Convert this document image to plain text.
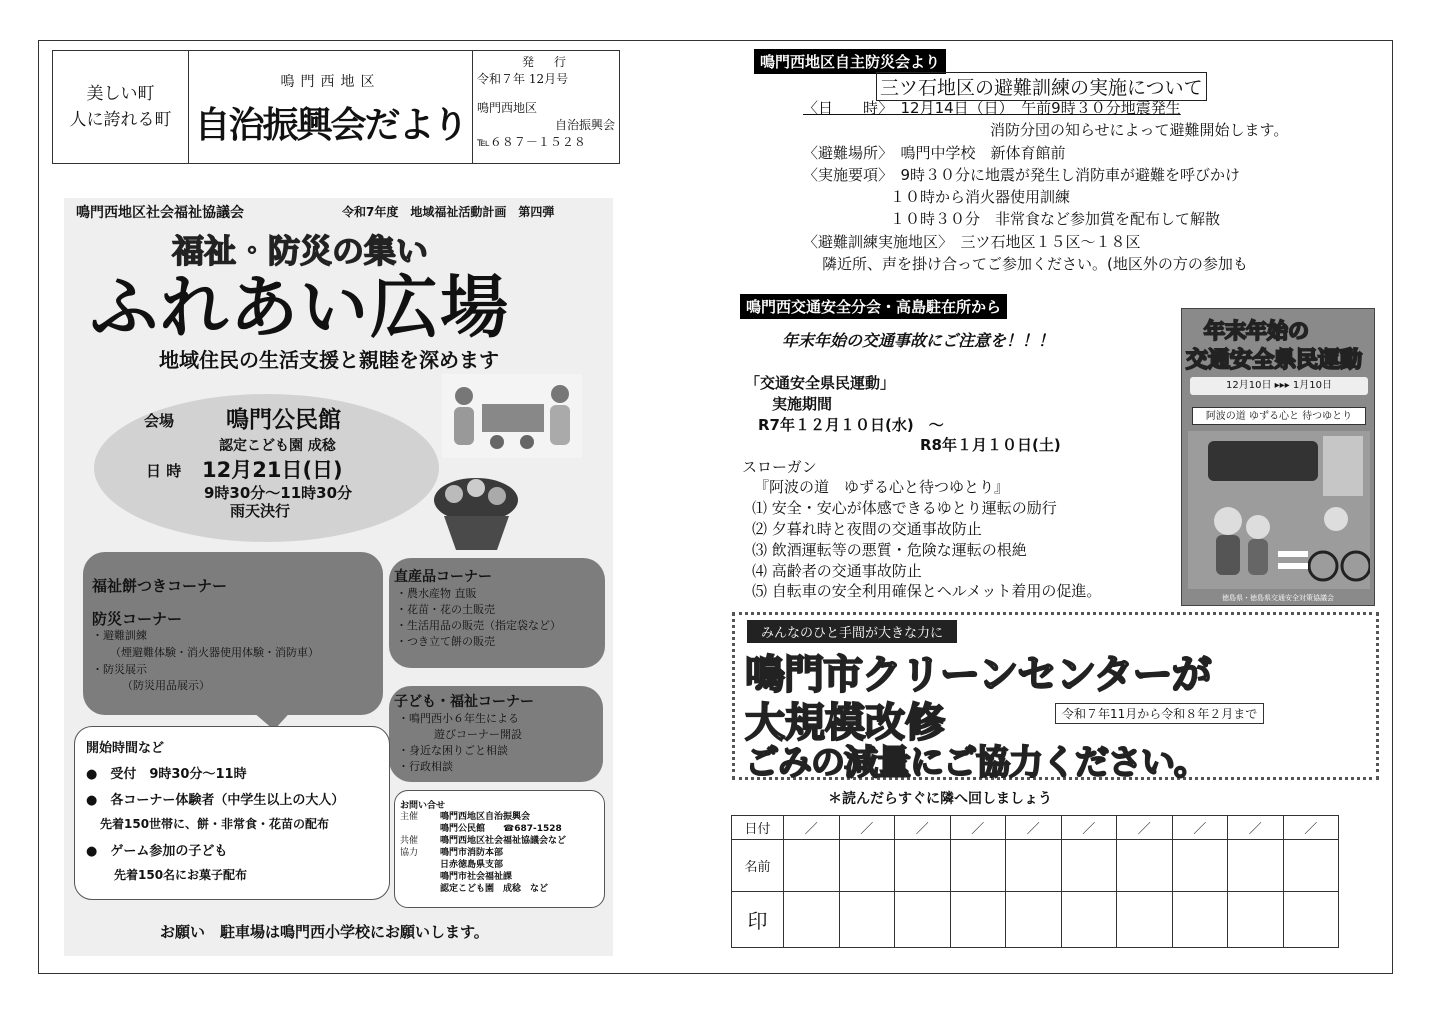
美しい町
人に誇れる町
鳴門西地区
自治振興会だより
発　行
令和７年 12月号
鳴門西地区
自治振興会
℡６８７－１５２８
鳴門西地区社会福祉協議会	令和7年度　地域福祉活動計画　第四弾
福祉・防災の集い
ふれあい広場
地域住民の生活支援と親睦を深めます
会場 鳴門公民館
認定こども園 成稔
日 時 12月21日(日)
9時30分～11時30分
雨天決行
福祉餅つきコーナー
防災コーナー
・避難訓練
（煙避難体験・消火器使用体験・消防車）
・防災展示
（防災用品展示）
直産品コーナー
・農水産物 直販
・花苗・花の土販売
・生活用品の販売（指定袋など）
・つき立て餅の販売
子ども・福祉コーナー
・鳴門西小６年生による
遊びコーナー開設
・身近な困りごと相談
・行政相談
開始時間など
●　受付　9時30分～11時
●　各コーナー体験者（中学生以上の大人）
先着150世帯に、餅・非常食・花苗の配布
●　ゲーム参加の子ども
先着150名にお菓子配布
お問い合せ
主催 鳴門西地区自治振興会
鳴門公民館　　☎687-1528
共催 鳴門西地区社会福祉協議会など
協力 鳴門市消防本部
日赤徳島県支部
鳴門市社会福祉課
認定こども園　成稔　など
お願い　駐車場は鳴門西小学校にお願いします。
鳴門西地区自主防災会より
三ツ石地区の避難訓練の実施について
〈日　　時〉　12月14日（日）　午前9時３０分地震発生
消防分団の知らせによって避難開始します。
〈避難場所〉　鳴門中学校　新体育館前
〈実施要項〉　9時３０分に地震が発生し消防車が避難を呼びかけ
１０時から消火器使用訓練
１０時３０分　非常食など参加賞を配布して解散
〈避難訓練実施地区〉　三ツ石地区１５区～１８区
隣近所、声を掛け合ってご参加ください。(地区外の方の参加も
鳴門西交通安全分会・高島駐在所から
年末年始の交通事故にご注意を！！！
「交通安全県民運動」
実施期間
R7年１２月１０日(水)　～
R8年１月１０日(土)
スローガン
『阿波の道　ゆずる心と待つゆとり』
⑴ 安全・安心が体感できるゆとり運転の励行
⑵ 夕暮れ時と夜間の交通事故防止
⑶ 飲酒運転等の悪質・危険な運転の根絶
⑷ 高齢者の交通事故防止
⑸ 自転車の安全利用確保とヘルメット着用の促進。
年末年始の
交通安全県民運動
12月10日 ▸▸▸ 1月10日
阿波の道 ゆずる心と 待つゆとり
徳島県・徳島県交通安全対策協議会
みんなのひと手間が大きな力に
鳴門市クリーンセンターが
大規模改修	令和７年11月から令和８年２月まで
ごみの減量にご協力ください。
＊読んだらすぐに隣へ回しましょう
日付	／	／	／	／	／	／	／	／	／	／
名前										
印										
